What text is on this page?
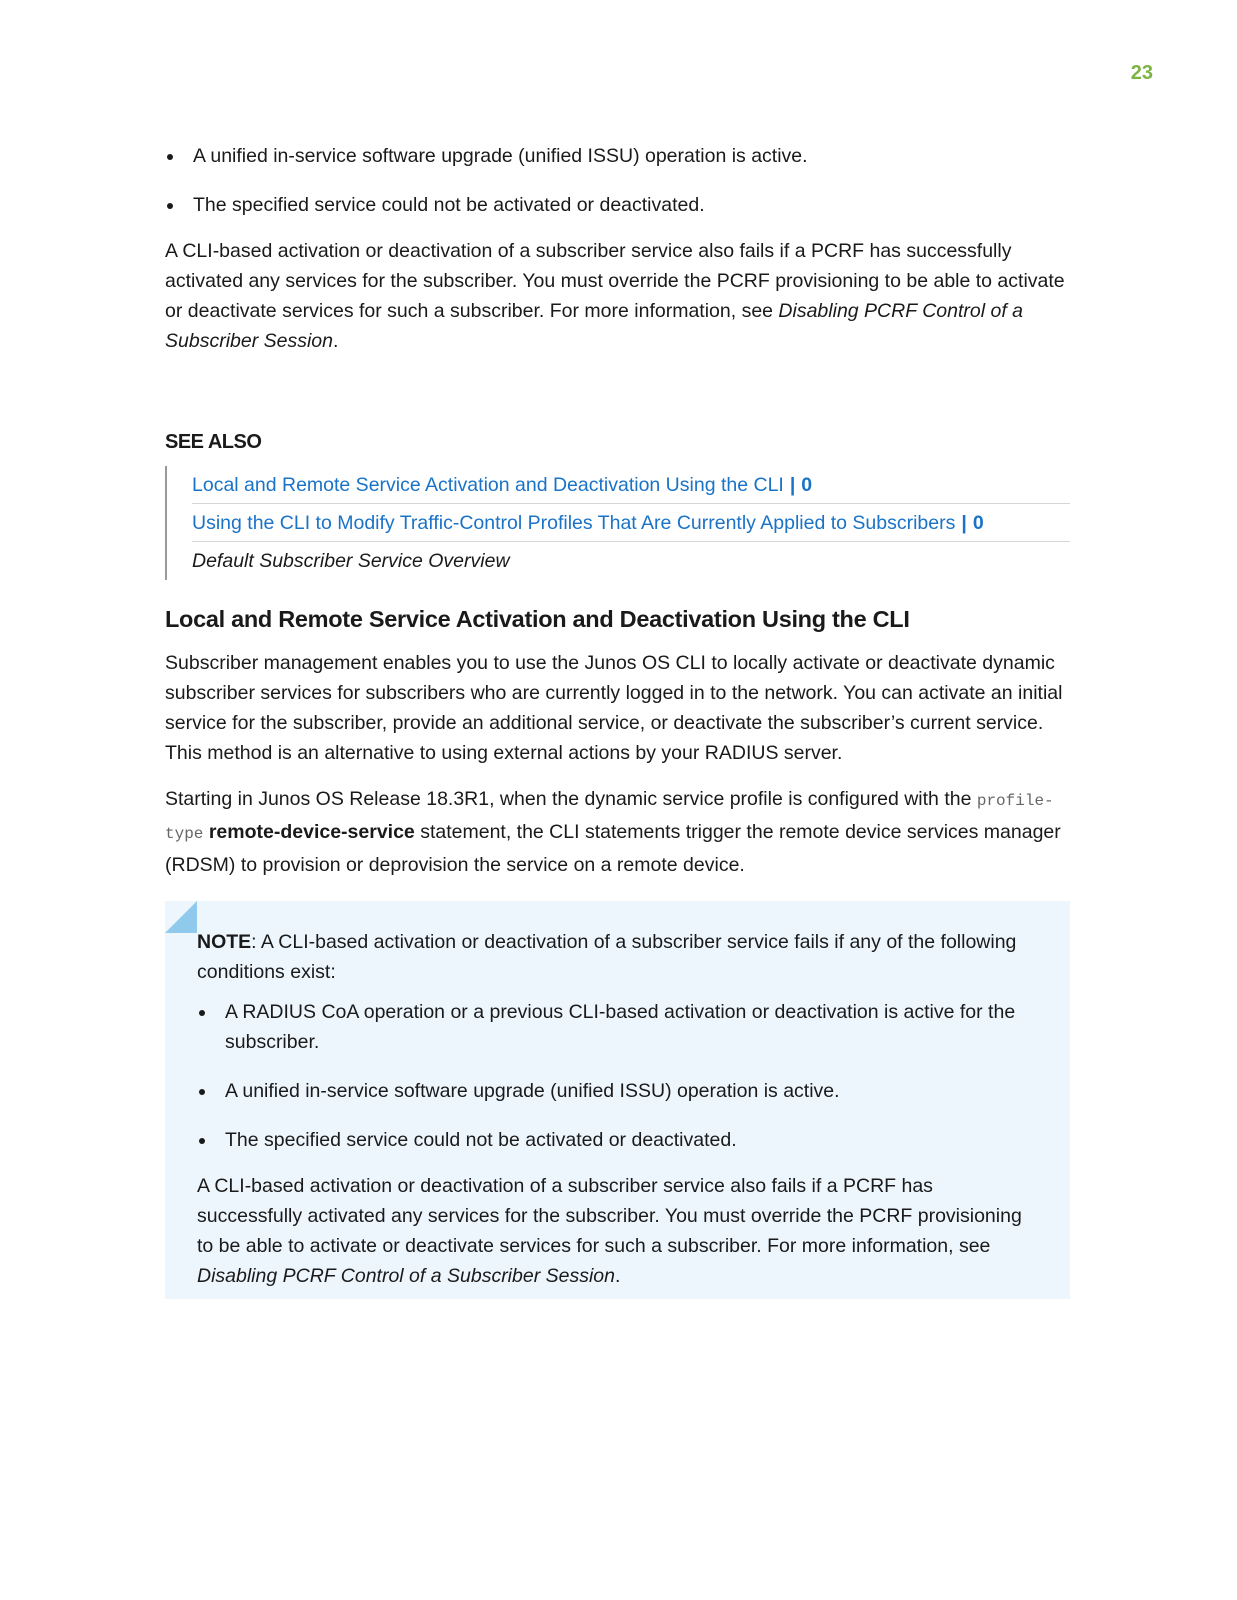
23
A unified in-service software upgrade (unified ISSU) operation is active.
The specified service could not be activated or deactivated.

A CLI-based activation or deactivation of a subscriber service also fails if a PCRF has successfully activated any services for the subscriber. You must override the PCRF provisioning to be able to activate or deactivate services for such a subscriber. For more information, see Disabling PCRF Control of a Subscriber Session.

SEE ALSO
Local and Remote Service Activation and Deactivation Using the CLI | 0
Using the CLI to Modify Traffic-Control Profiles That Are Currently Applied to Subscribers | 0
Default Subscriber Service Overview
Local and Remote Service Activation and Deactivation Using the CLI

Subscriber management enables you to use the Junos OS CLI to locally activate or deactivate dynamic subscriber services for subscribers who are currently logged in to the network. You can activate an initial service for the subscriber, provide an additional service, or deactivate the subscriber’s current service. This method is an alternative to using external actions by your RADIUS server.

Starting in Junos OS Release 18.3R1, when the dynamic service profile is configured with the profile-type remote-device-service statement, the CLI statements trigger the remote device services manager (RDSM) to provision or deprovision the service on a remote device.

NOTE: A CLI-based activation or deactivation of a subscriber service fails if any of the following conditions exist:

A RADIUS CoA operation or a previous CLI-based activation or deactivation is active for the subscriber.
A unified in-service software upgrade (unified ISSU) operation is active.
The specified service could not be activated or deactivated.

A CLI-based activation or deactivation of a subscriber service also fails if a PCRF has successfully activated any services for the subscriber. You must override the PCRF provisioning to be able to activate or deactivate services for such a subscriber. For more information, see Disabling PCRF Control of a Subscriber Session.
